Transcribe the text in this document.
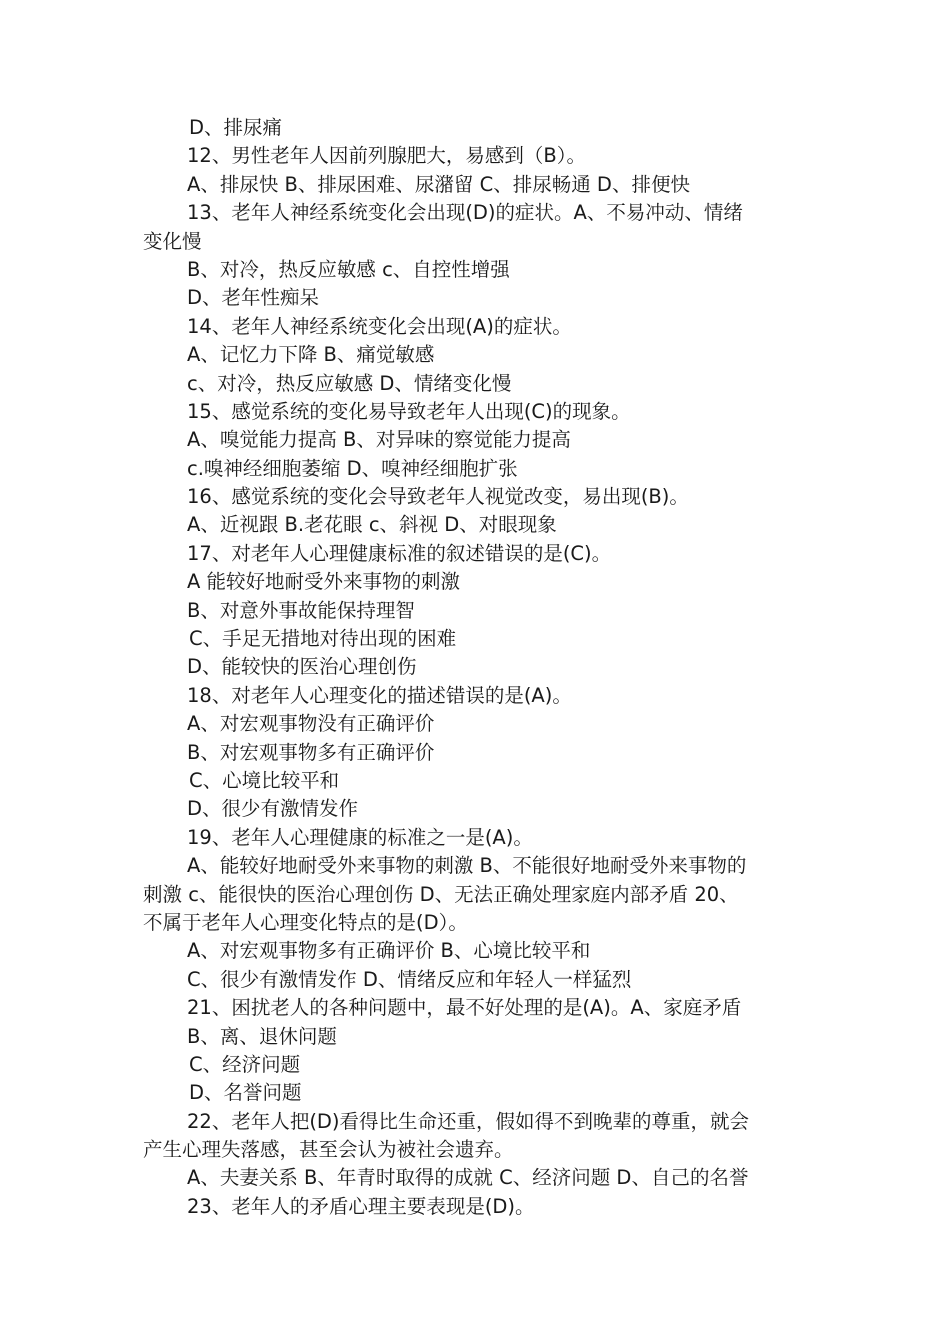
D、排尿痛
12、男性老年人因前列腺肥大，易感到（B）。
A、排尿快 B、排尿困难、尿潴留 C、排尿畅通 D、排便快
13、老年人神经系统变化会出现(D)的症状。A、不易冲动、情绪
变化慢
B、对冷，热反应敏感 c、自控性增强
D、老年性痴呆
14、老年人神经系统变化会出现(A)的症状。
A、记忆力下降 B、痛觉敏感
c、对冷，热反应敏感 D、情绪变化慢
15、感觉系统的变化易导致老年人出现(C)的现象。
A、嗅觉能力提高 B、对异味的察觉能力提高
c.嗅神经细胞萎缩 D、嗅神经细胞扩张
16、感觉系统的变化会导致老年人视觉改变，易出现(B)。
A、近视跟 B.老花眼 c、斜视 D、对眼现象
17、对老年人心理健康标准的叙述错误的是(C)。
A 能较好地耐受外来事物的刺激
B、对意外事故能保持理智
C、手足无措地对待出现的困难
D、能较快的医治心理创伤
18、对老年人心理变化的描述错误的是(A)。
A、对宏观事物没有正确评价
B、对宏观事物多有正确评价
C、心境比较平和
D、很少有激情发作
19、老年人心理健康的标准之一是(A)。
A、能较好地耐受外来事物的刺激 B、不能很好地耐受外来事物的
刺激 c、能很快的医治心理创伤 D、无法正确处理家庭内部矛盾 20、
不属于老年人心理变化特点的是(D）。
A、对宏观事物多有正确评价 B、心境比较平和
C、很少有激情发作 D、情绪反应和年轻人一样猛烈
21、困扰老人的各种问题中，最不好处理的是(A)。A、家庭矛盾
B、离、退休问题
C、经济问题
D、名誉问题
22、老年人把(D)看得比生命还重，假如得不到晚辈的尊重，就会
产生心理失落感，甚至会认为被社会遗弃。
A、夫妻关系 B、年青时取得的成就 C、经济问题 D、自己的名誉
23、老年人的矛盾心理主要表现是(D)。
